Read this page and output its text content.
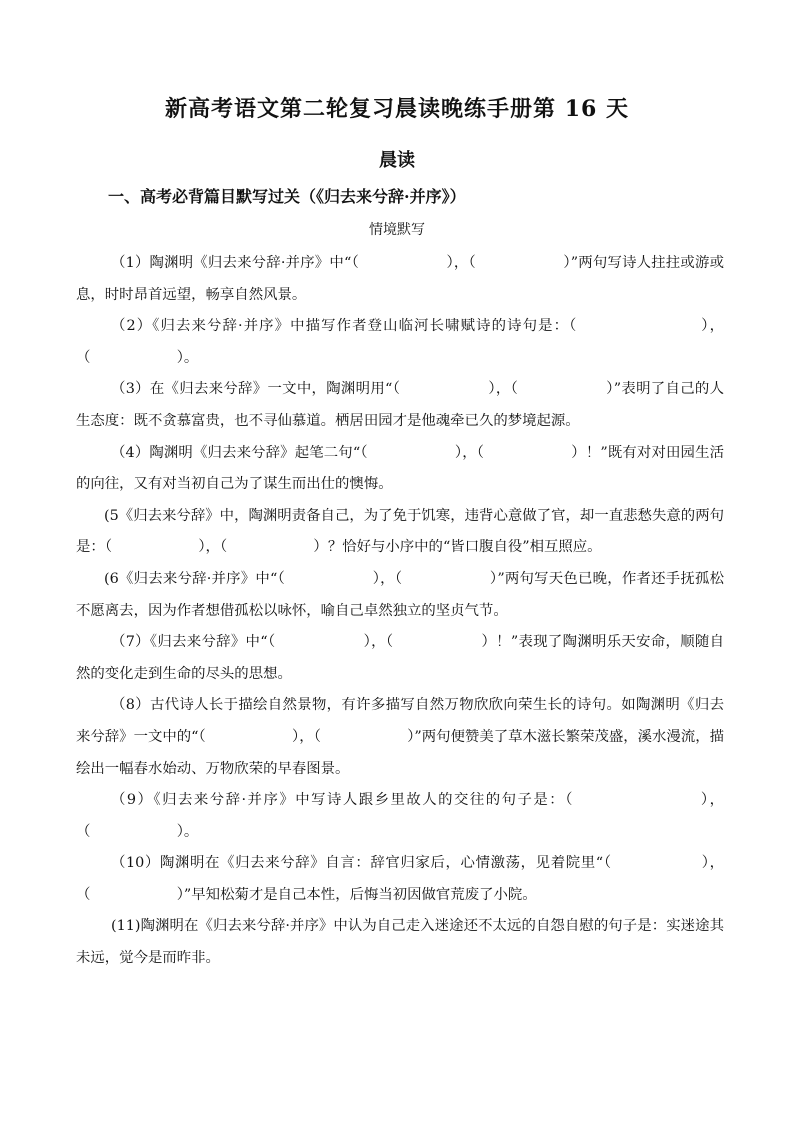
新高考语文第二轮复习晨读晚练手册第 16 天
晨读
一、高考必背篇目默写过关（《归去来兮辞·并序》）
情境默写

（1）陶渊明《归去来兮辞·并序》中“（　　　　　　），（　　　　　　）”两句写诗人拄拄或游或息，时时昂首远望，畅享自然风景。

（2）《归去来兮辞·并序》中描写作者登山临河长啸赋诗的诗句是：（　　　　　　　　），（　　　　　　）。

（3）在《归去来兮辞》一文中，陶渊明用“（　　　　　　），（　　　　　　）”表明了自己的人生态度：既不贪慕富贵，也不寻仙慕道。栖居田园才是他魂牵已久的梦境起源。

（4）陶渊明《归去来兮辞》起笔二句“（　　　　　　），（　　　　　　）！”既有对对田园生活的向往，又有对当初自己为了谋生而出仕的懊悔。

(5《归去来兮辞》中，陶渊明责备自己，为了免于饥寒，违背心意做了官，却一直悲愁失意的两句是：（　　　　　　），（　　　　　　）？恰好与小序中的“皆口腹自役”相互照应。

(6《归去来兮辞·并序》中“（　　　　　　），（　　　　　　）”两句写天色已晚，作者还手抚孤松不愿离去，因为作者想借孤松以咏怀，喻自己卓然独立的坚贞气节。

（7）《归去来兮辞》中“（　　　　　　），（　　　　　　）！”表现了陶渊明乐天安命，顺随自然的变化走到生命的尽头的思想。

（8）古代诗人长于描绘自然景物，有许多描写自然万物欣欣向荣生长的诗句。如陶渊明《归去来兮辞》一文中的“（　　　　　　），（　　　　　　）”两句便赞美了草木滋长繁荣茂盛，溪水漫流，描绘出一幅春水始动、万物欣荣的早春图景。

（9）《归去来兮辞·并序》中写诗人跟乡里故人的交往的句子是：（　　　　　　　　），（　　　　　　）。

（10）陶渊明在《归去来兮辞》自言：辞官归家后，心情激荡，见着院里“（　　　　　　），（　　　　　　）”早知松菊才是自己本性，后悔当初因做官荒废了小院。

(11)陶渊明在《归去来兮辞·并序》中认为自己走入迷途还不太远的自怨自慰的句子是：实迷途其未远，觉今是而昨非。
